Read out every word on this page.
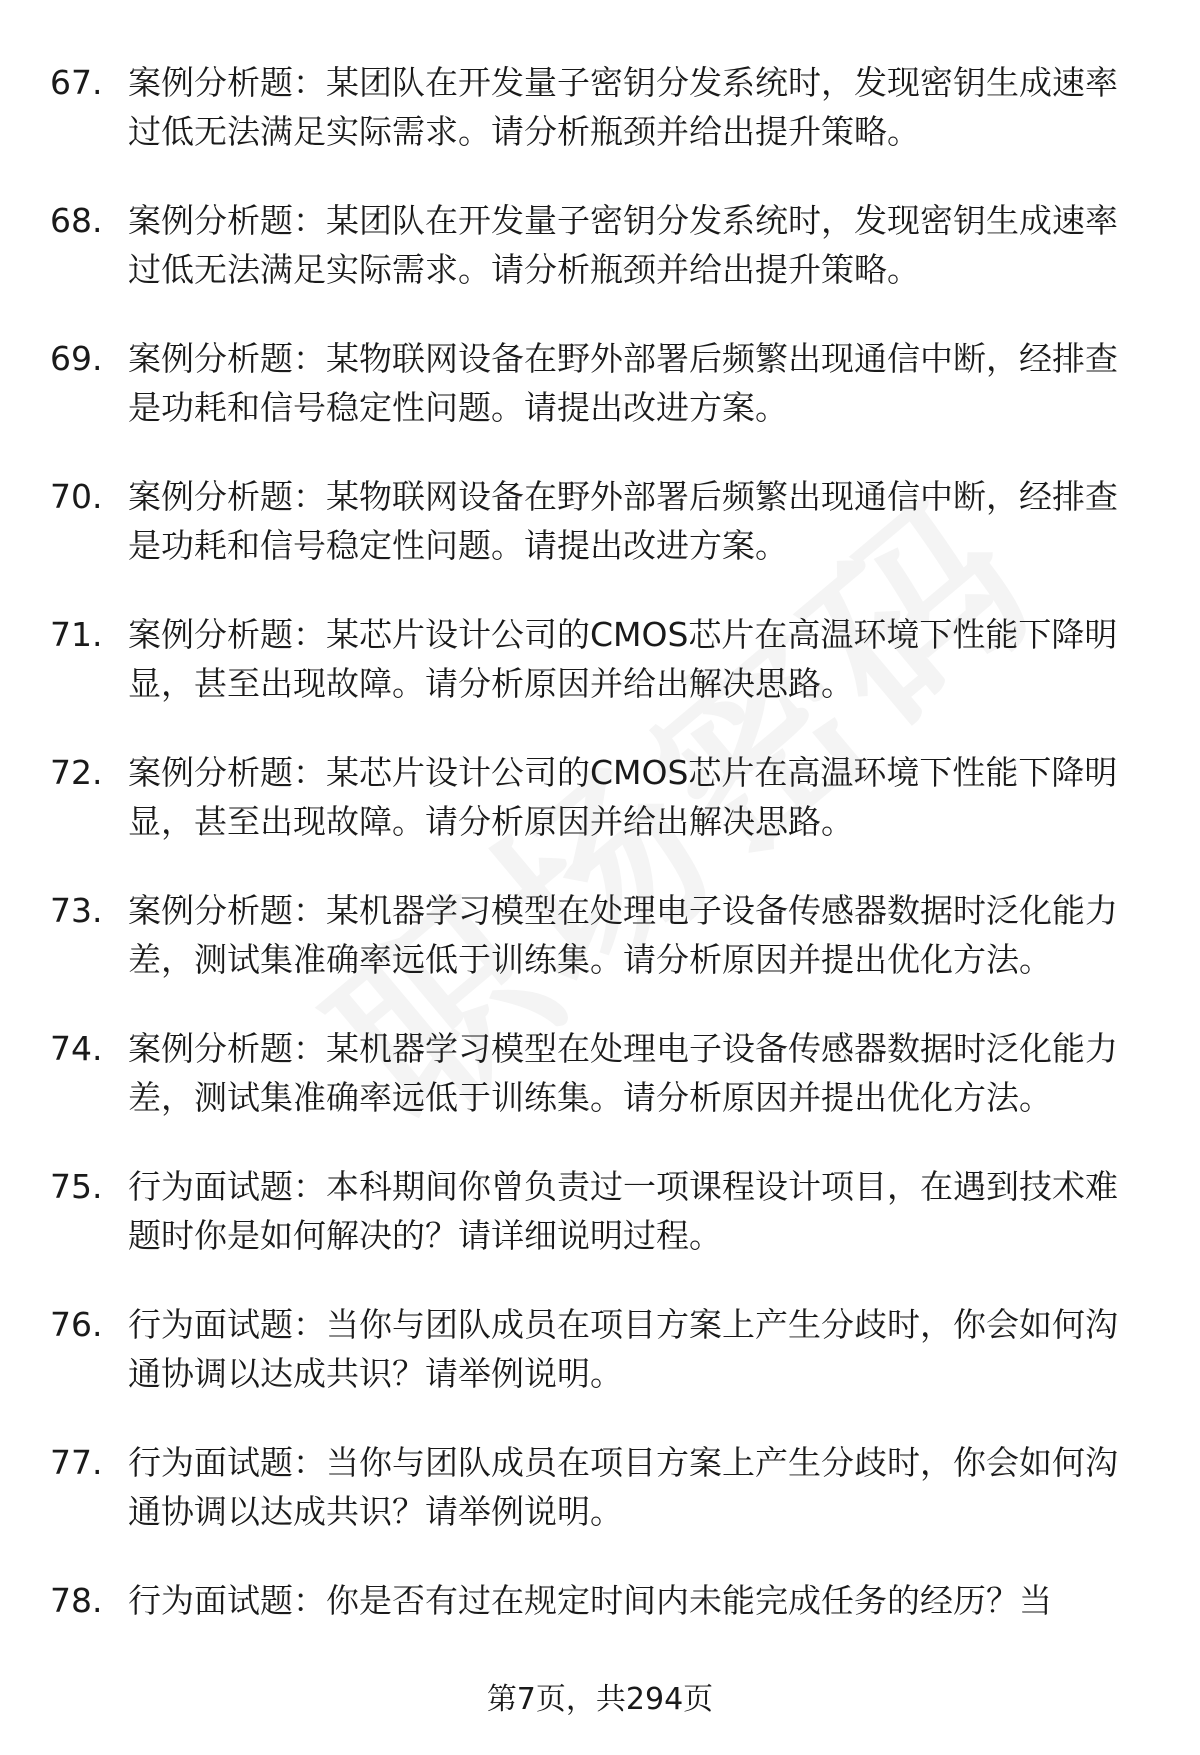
67. 案例分析题：某团队在开发量子密钥分发系统时，发现密钥生成速率过低无法满足实际需求。请分析瓶颈并给出提升策略。
68. 案例分析题：某团队在开发量子密钥分发系统时，发现密钥生成速率过低无法满足实际需求。请分析瓶颈并给出提升策略。
69. 案例分析题：某物联网设备在野外部署后频繁出现通信中断，经排查是功耗和信号稳定性问题。请提出改进方案。
70. 案例分析题：某物联网设备在野外部署后频繁出现通信中断，经排查是功耗和信号稳定性问题。请提出改进方案。
71. 案例分析题：某芯片设计公司的CMOS芯片在高温环境下性能下降明显，甚至出现故障。请分析原因并给出解决思路。
72. 案例分析题：某芯片设计公司的CMOS芯片在高温环境下性能下降明显，甚至出现故障。请分析原因并给出解决思路。
73. 案例分析题：某机器学习模型在处理电子设备传感器数据时泛化能力差，测试集准确率远低于训练集。请分析原因并提出优化方法。
74. 案例分析题：某机器学习模型在处理电子设备传感器数据时泛化能力差，测试集准确率远低于训练集。请分析原因并提出优化方法。
75. 行为面试题：本科期间你曾负责过一项课程设计项目，在遇到技术难题时你是如何解决的？请详细说明过程。
76. 行为面试题：当你与团队成员在项目方案上产生分歧时，你会如何沟通协调以达成共识？请举例说明。
77. 行为面试题：当你与团队成员在项目方案上产生分歧时，你会如何沟通协调以达成共识？请举例说明。
78. 行为面试题：你是否有过在规定时间内未能完成任务的经历？当
第7页，共294页
